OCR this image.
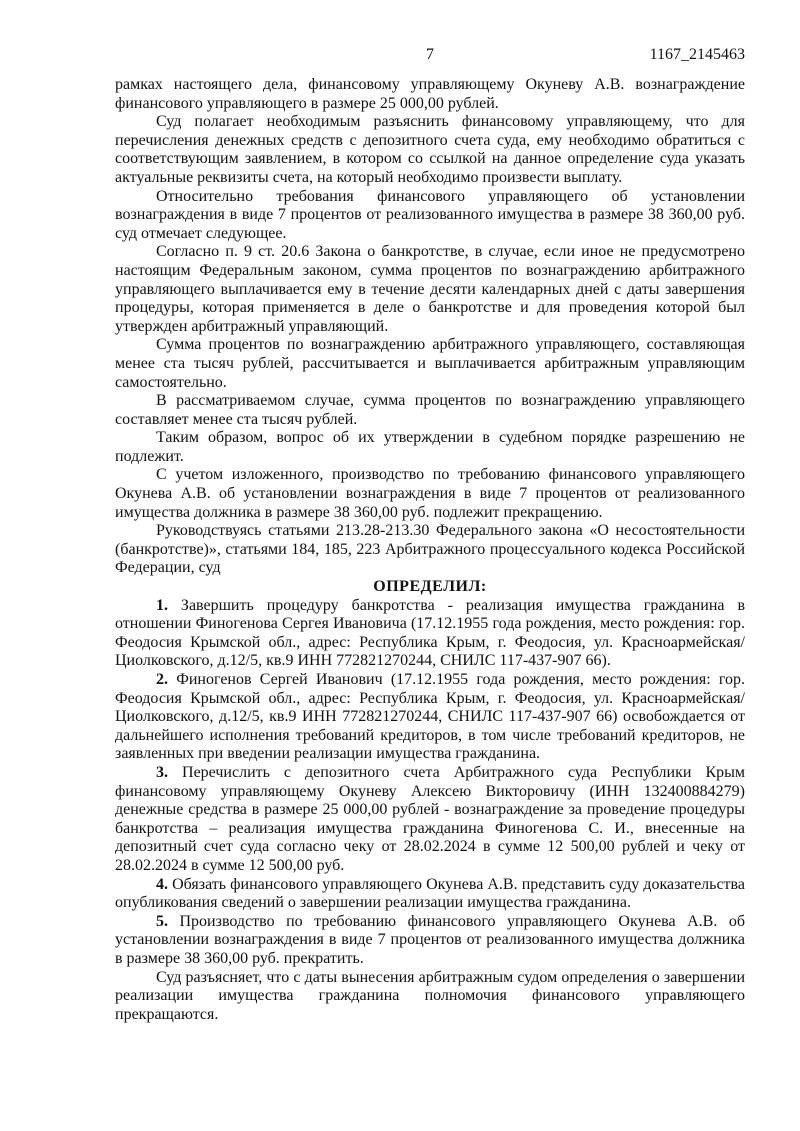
7	1167_2145463

рамках настоящего дела, финансовому управляющему Окуневу А.В. вознаграждение финансового управляющего в размере 25 000,00 рублей.

Суд полагает необходимым разъяснить финансовому управляющему, что для перечисления денежных средств с депозитного счета суда, ему необходимо обратиться с соответствующим заявлением, в котором со ссылкой на данное определение суда указать актуальные реквизиты счета, на который необходимо произвести выплату.

Относительно требования финансового управляющего об установлении вознаграждения в виде 7 процентов от реализованного имущества в размере 38 360,00 руб. суд отмечает следующее.

Согласно п. 9 ст. 20.6 Закона о банкротстве, в случае, если иное не предусмотрено настоящим Федеральным законом, сумма процентов по вознаграждению арбитражного управляющего выплачивается ему в течение десяти календарных дней с даты завершения процедуры, которая применяется в деле о банкротстве и для проведения которой был утвержден арбитражный управляющий.

Сумма процентов по вознаграждению арбитражного управляющего, составляющая менее ста тысяч рублей, рассчитывается и выплачивается арбитражным управляющим самостоятельно.

В рассматриваемом случае, сумма процентов по вознаграждению управляющего составляет менее ста тысяч рублей.

Таким образом, вопрос об их утверждении в судебном порядке разрешению не подлежит.

С учетом изложенного, производство по требованию финансового управляющего Окунева А.В. об установлении вознаграждения в виде 7 процентов от реализованного имущества должника в размере 38 360,00 руб. подлежит прекращению.

Руководствуясь статьями 213.28-213.30 Федерального закона «О несостоятельности (банкротстве)», статьями 184, 185, 223 Арбитражного процессуального кодекса Российской Федерации, суд

ОПРЕДЕЛИЛ:

1. Завершить процедуру банкротства - реализация имущества гражданина в отношении Финогенова Сергея Ивановича (17.12.1955 года рождения, место рождения: гор. Феодосия Крымской обл., адрес: Республика Крым, г. Феодосия, ул. Красноармейская/Циолковского, д.12/5, кв.9 ИНН 772821270244, СНИЛС 117-437-907 66).

2. Финогенов Сергей Иванович (17.12.1955 года рождения, место рождения: гор. Феодосия Крымской обл., адрес: Республика Крым, г. Феодосия, ул. Красноармейская/Циолковского, д.12/5, кв.9 ИНН 772821270244, СНИЛС 117-437-907 66) освобождается от дальнейшего исполнения требований кредиторов, в том числе требований кредиторов, не заявленных при введении реализации имущества гражданина.

3. Перечислить с депозитного счета Арбитражного суда Республики Крым финансовому управляющему Окуневу Алексею Викторовичу (ИНН 132400884279) денежные средства в размере 25 000,00 рублей - вознаграждение за проведение процедуры банкротства – реализация имущества гражданина Финогенова С. И., внесенные на депозитный счет суда согласно чеку от 28.02.2024 в сумме 12 500,00 рублей и чеку от 28.02.2024 в сумме 12 500,00 руб.

4. Обязать финансового управляющего Окунева А.В. представить суду доказательства опубликования сведений о завершении реализации имущества гражданина.

5. Производство по требованию финансового управляющего Окунева А.В. об установлении вознаграждения в виде 7 процентов от реализованного имущества должника в размере 38 360,00 руб. прекратить.

Суд разъясняет, что с даты вынесения арбитражным судом определения о завершении реализации имущества гражданина полномочия финансового управляющего прекращаются.
